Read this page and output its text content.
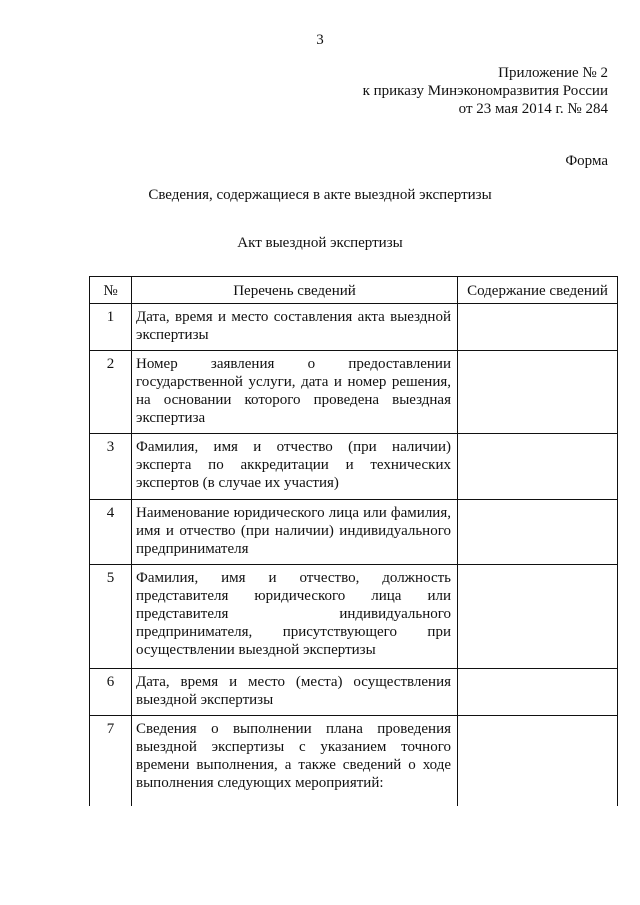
3
Приложение № 2
к приказу Минэкономразвития России
от 23 мая 2014 г. № 284
Форма
Сведения, содержащиеся в акте выездной экспертизы
Акт выездной экспертизы
№	Перечень сведений	Содержание сведений
1	Дата, время и место составления акта выездной экспертизы	
2	Номер заявления о предоставлении государственной услуги, дата и номер решения, на основании которого проведена выездная экспертиза	
3	Фамилия, имя и отчество (при наличии) эксперта по аккредитации и технических экспертов (в случае их участия)	
4	Наименование юридического лица или фамилия, имя и отчество (при наличии) индивидуального предпринимателя	
5	Фамилия, имя и отчество, должность представителя юридического лица или представителя индивидуального предпринимателя, присутствующего при осуществлении выездной экспертизы	
6	Дата, время и место (места) осуществления выездной экспертизы	
7	Сведения о выполнении плана проведения выездной экспертизы с указанием точного времени выполнения, а также сведений о ходе выполнения следующих мероприятий:	
